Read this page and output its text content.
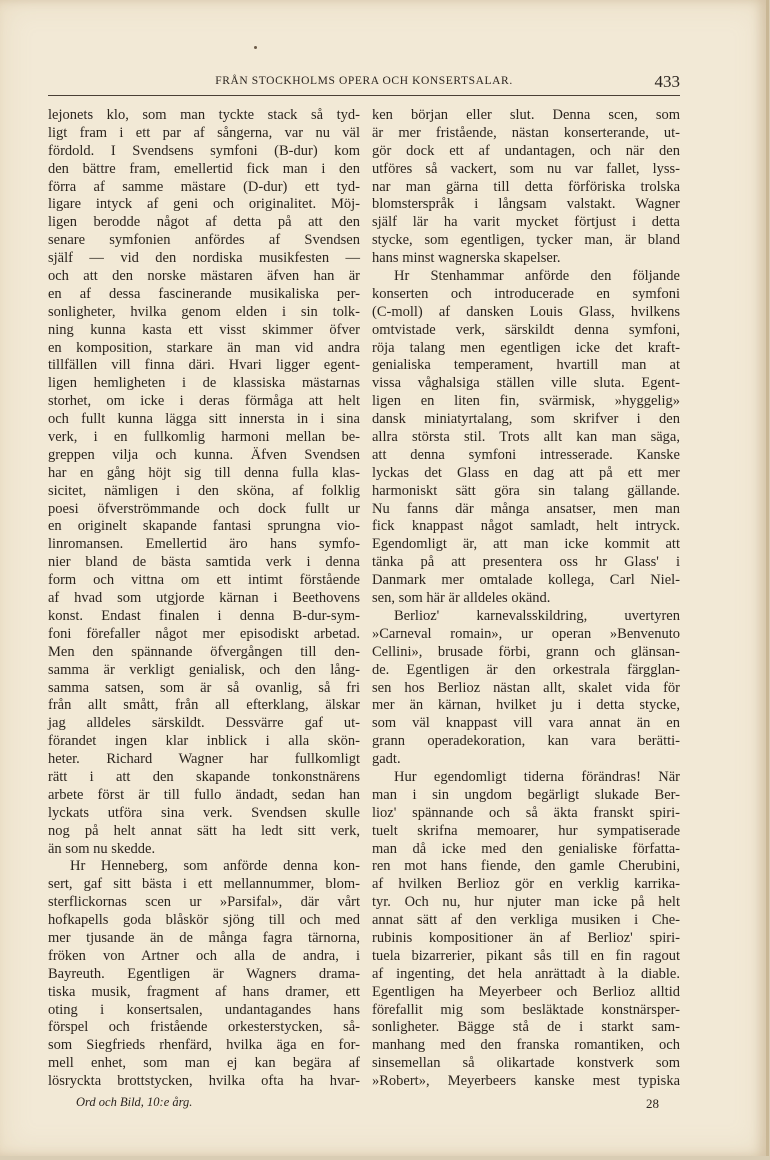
FRÅN STOCKHOLMS OPERA OCH KONSERTSALAR.	433
lejonets klo, som man tyckte stack så tyd-
ligt fram i ett par af sångerna, var nu väl
fördold. I Svendsens symfoni (B-dur) kom
den bättre fram, emellertid fick man i den
förra af samme mästare (D-dur) ett tyd-
ligare intyck af geni och originalitet. Möj-
ligen berodde något af detta på att den
senare symfonien anfördes af Svendsen
själf — vid den nordiska musikfesten —
och att den norske mästaren äfven han är
en af dessa fascinerande musikaliska per-
sonligheter, hvilka genom elden i sin tolk-
ning kunna kasta ett visst skimmer öfver
en komposition, starkare än man vid andra
tillfällen vill finna däri. Hvari ligger egent-
ligen hemligheten i de klassiska mästarnas
storhet, om icke i deras förmåga att helt
och fullt kunna lägga sitt innersta in i sina
verk, i en fullkomlig harmoni mellan be-
greppen vilja och kunna. Äfven Svendsen
har en gång höjt sig till denna fulla klas-
sicitet, nämligen i den sköna, af folklig
poesi öfverströmmande och dock fullt ur
en originelt skapande fantasi sprungna vio-
linromansen. Emellertid äro hans symfo-
nier bland de bästa samtida verk i denna
form och vittna om ett intimt förstående
af hvad som utgjorde kärnan i Beethovens
konst. Endast finalen i denna B-dur-sym-
foni förefaller något mer episodiskt arbetad.
Men den spännande öfvergången till den-
samma är verkligt genialisk, och den lång-
samma satsen, som är så ovanlig, så fri
från allt smått, från all efterklang, älskar
jag alldeles särskildt. Dessvärre gaf ut-
förandet ingen klar inblick i alla skön-
heter. Richard Wagner har fullkomligt
rätt i att den skapande tonkonstnärens
arbete först är till fullo ändadt, sedan han
lyckats utföra sina verk. Svendsen skulle
nog på helt annat sätt ha ledt sitt verk,
än som nu skedde.
Hr Henneberg, som anförde denna kon-
sert, gaf sitt bästa i ett mellannummer, blom-
sterflickornas scen ur »Parsifal», där vårt
hofkapells goda blåskör sjöng till och med
mer tjusande än de många fagra tärnorna,
fröken von Artner och alla de andra, i
Bayreuth. Egentligen är Wagners drama-
tiska musik, fragment af hans dramer, ett
oting i konsertsalen, undantagandes hans
förspel och fristående orkesterstycken, så-
som Siegfrieds rhenfärd, hvilka äga en for-
mell enhet, som man ej kan begära af
lösryckta brottstycken, hvilka ofta ha hvar-
ken början eller slut. Denna scen, som
är mer fristående, nästan konserterande, ut-
gör dock ett af undantagen, och när den
utföres så vackert, som nu var fallet, lyss-
nar man gärna till detta förföriska trolska
blomsterspråk i långsam valstakt. Wagner
själf lär ha varit mycket förtjust i detta
stycke, som egentligen, tycker man, är bland
hans minst wagnerska skapelser.
Hr Stenhammar anförde den följande
konserten och introducerade en symfoni
(C-moll) af dansken Louis Glass, hvilkens
omtvistade verk, särskildt denna symfoni,
röja talang men egentligen icke det kraft-
genialiska temperament, hvartill man at
vissa våghalsiga ställen ville sluta. Egent-
ligen en liten fin, svärmisk, »hyggelig»
dansk miniatyrtalang, som skrifver i den
allra största stil. Trots allt kan man säga,
att denna symfoni intresserade. Kanske
lyckas det Glass en dag att på ett mer
harmoniskt sätt göra sin talang gällande.
Nu fanns där många ansatser, men man
fick knappast något samladt, helt intryck.
Egendomligt är, att man icke kommit att
tänka på att presentera oss hr Glass' i
Danmark mer omtalade kollega, Carl Niel-
sen, som här är alldeles okänd.
Berlioz' karnevalsskildring, uvertyren
»Carneval romain», ur operan »Benvenuto
Cellini», brusade förbi, grann och glänsan-
de. Egentligen är den orkestrala färgglan-
sen hos Berlioz nästan allt, skalet vida för
mer än kärnan, hvilket ju i detta stycke,
som väl knappast vill vara annat än en
grann operadekoration, kan vara berätti-
gadt.
Hur egendomligt tiderna förändras! När
man i sin ungdom begärligt slukade Ber-
lioz' spännande och så äkta franskt spiri-
tuelt skrifna memoarer, hur sympatiserade
man då icke med den genialiske författa-
ren mot hans fiende, den gamle Cherubini,
af hvilken Berlioz gör en verklig karrika-
tyr. Och nu, hur njuter man icke på helt
annat sätt af den verkliga musiken i Che-
rubinis kompositioner än af Berlioz' spiri-
tuela bizarrerier, pikant sås till en fin ragout
af ingenting, det hela anrättadt à la diable.
Egentligen ha Meyerbeer och Berlioz alltid
förefallit mig som besläktade konstnärsper-
sonligheter. Bägge stå de i starkt sam-
manhang med den franska romantiken, och
sinsemellan så olikartade konstverk som
»Robert», Meyerbeers kanske mest typiska
Ord och Bild, 10:e årg.	28
